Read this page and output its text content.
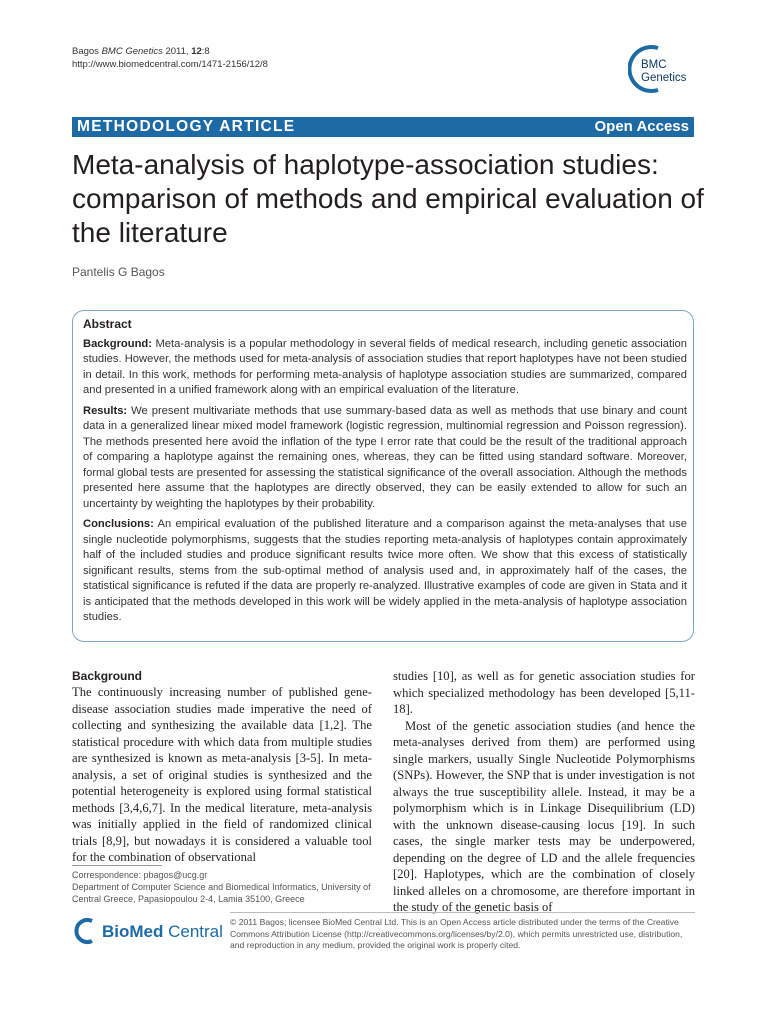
Bagos BMC Genetics 2011, 12:8
http://www.biomedcentral.com/1471-2156/12/8	BMC
Genetics
METHODOLOGY ARTICLE	Open Access
Meta-analysis of haplotype-association studies: comparison of methods and empirical evaluation of the literature
Pantelis G Bagos
Abstract

Background: Meta-analysis is a popular methodology in several fields of medical research, including genetic association studies. However, the methods used for meta-analysis of association studies that report haplotypes have not been studied in detail. In this work, methods for performing meta-analysis of haplotype association studies are summarized, compared and presented in a unified framework along with an empirical evaluation of the literature.

Results: We present multivariate methods that use summary-based data as well as methods that use binary and count data in a generalized linear mixed model framework (logistic regression, multinomial regression and Poisson regression). The methods presented here avoid the inflation of the type I error rate that could be the result of the traditional approach of comparing a haplotype against the remaining ones, whereas, they can be fitted using standard software. Moreover, formal global tests are presented for assessing the statistical significance of the overall association. Although the methods presented here assume that the haplotypes are directly observed, they can be easily extended to allow for such an uncertainty by weighting the haplotypes by their probability.

Conclusions: An empirical evaluation of the published literature and a comparison against the meta-analyses that use single nucleotide polymorphisms, suggests that the studies reporting meta-analysis of haplotypes contain approximately half of the included studies and produce significant results twice more often. We show that this excess of statistically significant results, stems from the sub-optimal method of analysis used and, in approximately half of the cases, the statistical significance is refuted if the data are properly re-analyzed. Illustrative examples of code are given in Stata and it is anticipated that the methods developed in this work will be widely applied in the meta-analysis of haplotype association studies.

Background

The continuously increasing number of published gene-disease association studies made imperative the need of collecting and synthesizing the available data [1,2]. The statistical procedure with which data from multiple studies are synthesized is known as meta-analysis [3-5]. In meta-analysis, a set of original studies is synthesized and the potential heterogeneity is explored using formal statistical methods [3,4,6,7]. In the medical literature, meta-analysis was initially applied in the field of randomized clinical trials [8,9], but nowadays it is considered a valuable tool for the combination of observational

studies [10], as well as for genetic association studies for which specialized methodology has been developed [5,11-18].

Most of the genetic association studies (and hence the meta-analyses derived from them) are performed using single markers, usually Single Nucleotide Polymorphisms (SNPs). However, the SNP that is under investigation is not always the true susceptibility allele. Instead, it may be a polymorphism which is in Linkage Disequilibrium (LD) with the unknown disease-causing locus [19]. In such cases, the single marker tests may be underpowered, depending on the degree of LD and the allele frequencies [20]. Haplotypes, which are the combination of closely linked alleles on a chromosome, are therefore important in the study of the genetic basis of

Correspondence: pbagos@ucg.gr
Department of Computer Science and Biomedical Informatics, University of Central Greece, Papasiopoulou 2-4, Lamia 35100, Greece
BioMed Central © 2011 Bagos; licensee BioMed Central Ltd. This is an Open Access article distributed under the terms of the Creative Commons Attribution License (http://creativecommons.org/licenses/by/2.0), which permits unrestricted use, distribution, and reproduction in any medium, provided the original work is properly cited.
